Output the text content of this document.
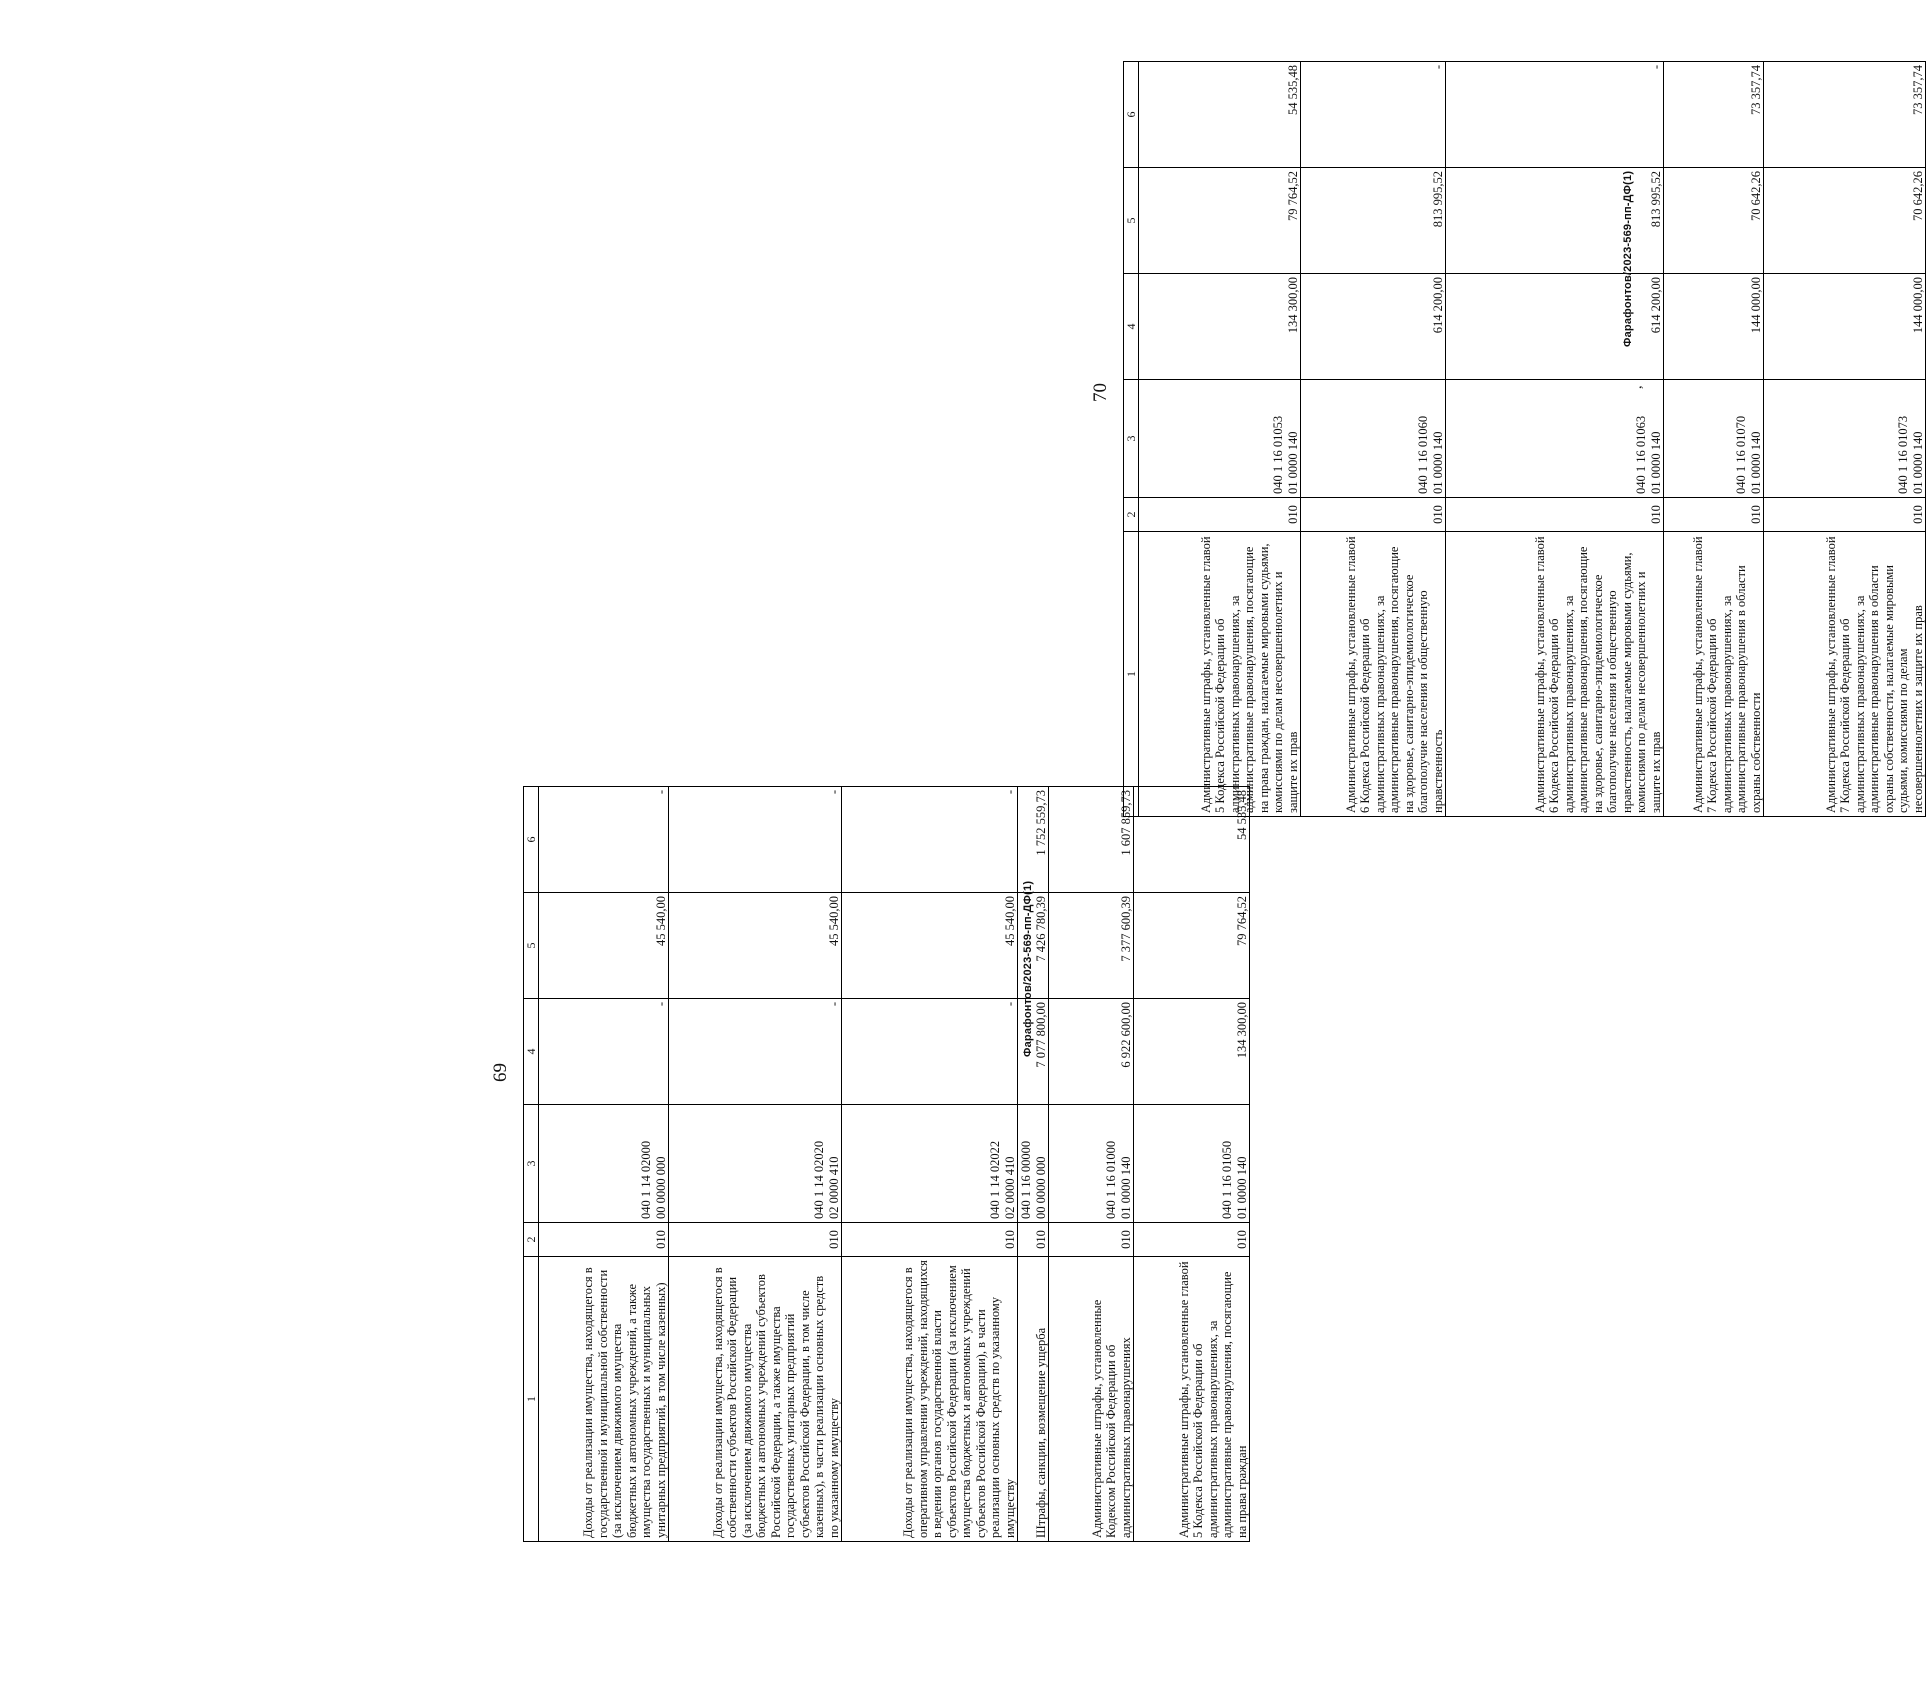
69
1	2	3	4	5	6
Доходы от реализации имущества, находящегося в государственной и муниципальной собственности (за исключением движимого имущества бюджетных и автономных учреждений, а также имущества государственных и муниципальных унитарных предприятий, в том числе казенных)	010	040 1 14 02000
00 0000 000	-	45 540,00	-
Доходы от реализации имущества, находящегося в собственности субъектов Российской Федерации (за исключением движимого имущества бюджетных и автономных учреждений субъектов Российской Федерации, а также имущества государственных унитарных предприятий субъектов Российской Федерации, в том числе казенных), в части реализации основных средств по указанному имуществу	010	040 1 14 02020
02 0000 410	-	45 540,00	-
Доходы от реализации имущества, находящегося в оперативном управлении учреждений, находящихся в ведении органов государственной власти субъектов Российской Федерации (за исключением имущества бюджетных и автономных учреждений субъектов Российской Федерации), в части реализации основных средств по указанному имуществу	010	040 1 14 02022
02 0000 410	-	45 540,00	-
Штрафы, санкции, возмещение ущерба	010	040 1 16 00000
00 0000 000	7 077 800,00	7 426 780,39	1 752 559,73
Административные штрафы, установленные Кодексом Российской Федерации об административных правонарушениях	010	040 1 16 01000
01 0000 140	6 922 600,00	7 377 600,39	1 607 859,73
Административные штрафы, установленные главой 5 Кодекса Российской Федерации об административных правонарушениях, за административные правонарушения, посягающие на права граждан	010	040 1 16 01050
01 0000 140	134 300,00	79 764,52	54 535,48
Фарафонтов/2023-569-пп-ДФ(1)
70
1	2	3	4	5	6
Административные штрафы, установленные главой 5 Кодекса Российской Федерации об административных правонарушениях, за административные правонарушения, посягающие на права граждан, налагаемые мировыми судьями, комиссиями по делам несовершеннолетних и защите их прав	010	040 1 16 01053
01 0000 140	134 300,00	79 764,52	54 535,48
Административные штрафы, установленные главой 6 Кодекса Российской Федерации об административных правонарушениях, за административные правонарушения, посягающие на здоровье, санитарно-эпидемиологическое благополучие населения и общественную нравственность	010	040 1 16 01060
01 0000 140	614 200,00	813 995,52	-
Административные штрафы, установленные главой 6 Кодекса Российской Федерации об административных правонарушениях, за административные правонарушения, посягающие на здоровье, санитарно-эпидемиологическое благополучие населения и общественную нравственность, налагаемые мировыми судьями, комиссиями по делам несовершеннолетних и защите их прав	010	040 1 16 01063
01 0000 140	614 200,00	813 995,52	-
Административные штрафы, установленные главой 7 Кодекса Российской Федерации об административных правонарушениях, за административные правонарушения в области охраны собственности	010	040 1 16 01070
01 0000 140	144 000,00	70 642,26	73 357,74
Административные штрафы, установленные главой 7 Кодекса Российской Федерации об административных правонарушениях, за административные правонарушения в области охраны собственности, налагаемые мировыми судьями, комиссиями по делам несовершеннолетних и защите их прав	010	040 1 16 01073
01 0000 140	144 000,00	70 642,26	73 357,74
,
Фарафонтов/2023-569-пп-ДФ(1)
